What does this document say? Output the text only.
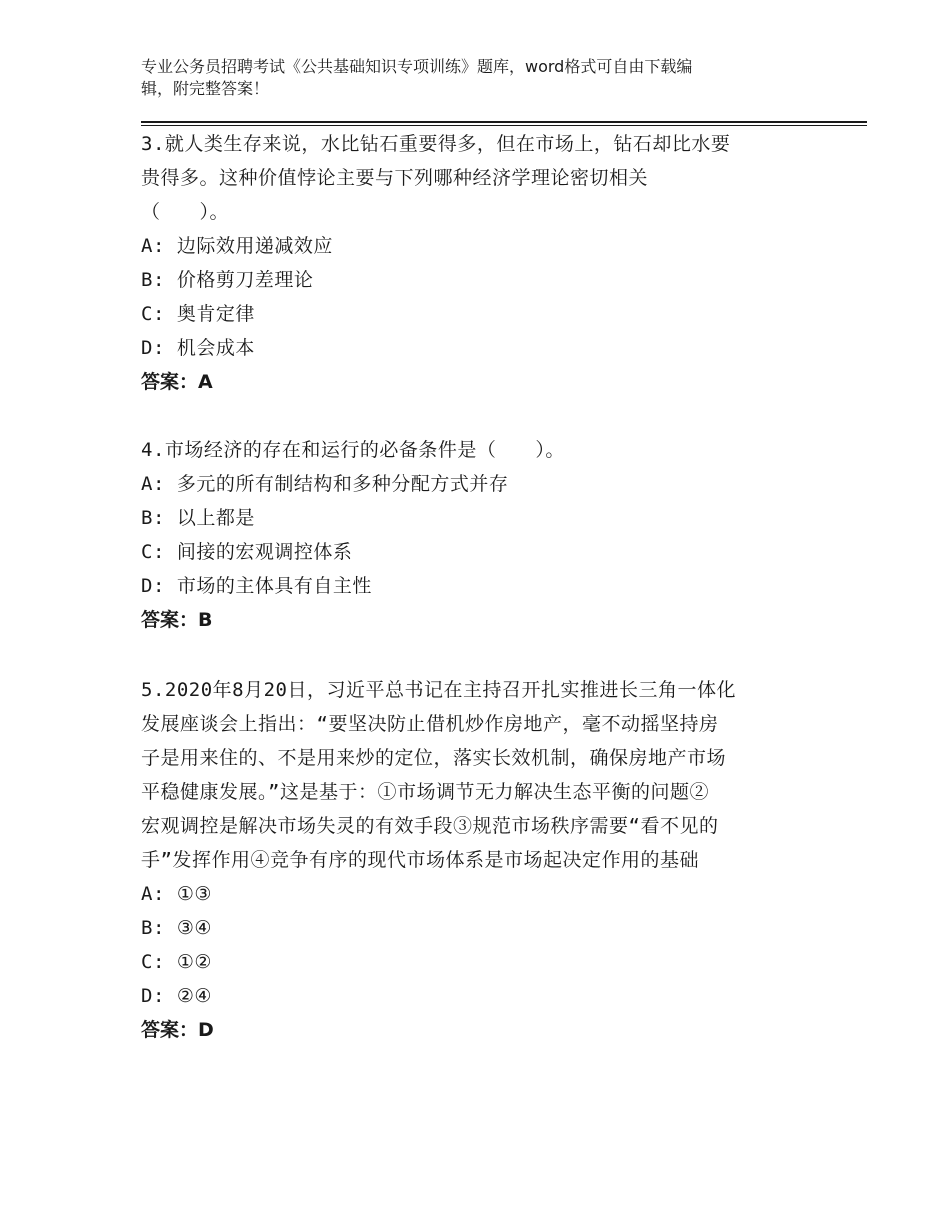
专业公务员招聘考试《公共基础知识专项训练》题库，word格式可自由下载编
辑，附完整答案！
3.就人类生存来说，水比钻石重要得多，但在市场上，钻石却比水要
贵得多。这种价值悖论主要与下列哪种经济学理论密切相关
（　　）。
A: 边际效用递减效应
B: 价格剪刀差理论
C: 奥肯定律
D: 机会成本
答案：A
4.市场经济的存在和运行的必备条件是（　　）。
A: 多元的所有制结构和多种分配方式并存
B: 以上都是
C: 间接的宏观调控体系
D: 市场的主体具有自主性
答案：B
5.2020年8月20日，习近平总书记在主持召开扎实推进长三角一体化
发展座谈会上指出：“要坚决防止借机炒作房地产，毫不动摇坚持房
子是用来住的、不是用来炒的定位，落实长效机制，确保房地产市场
平稳健康发展。”这是基于：①市场调节无力解决生态平衡的问题②
宏观调控是解决市场失灵的有效手段③规范市场秩序需要“看不见的
手”发挥作用④竞争有序的现代市场体系是市场起决定作用的基础
A: ①③
B: ③④
C: ①②
D: ②④
答案：D
